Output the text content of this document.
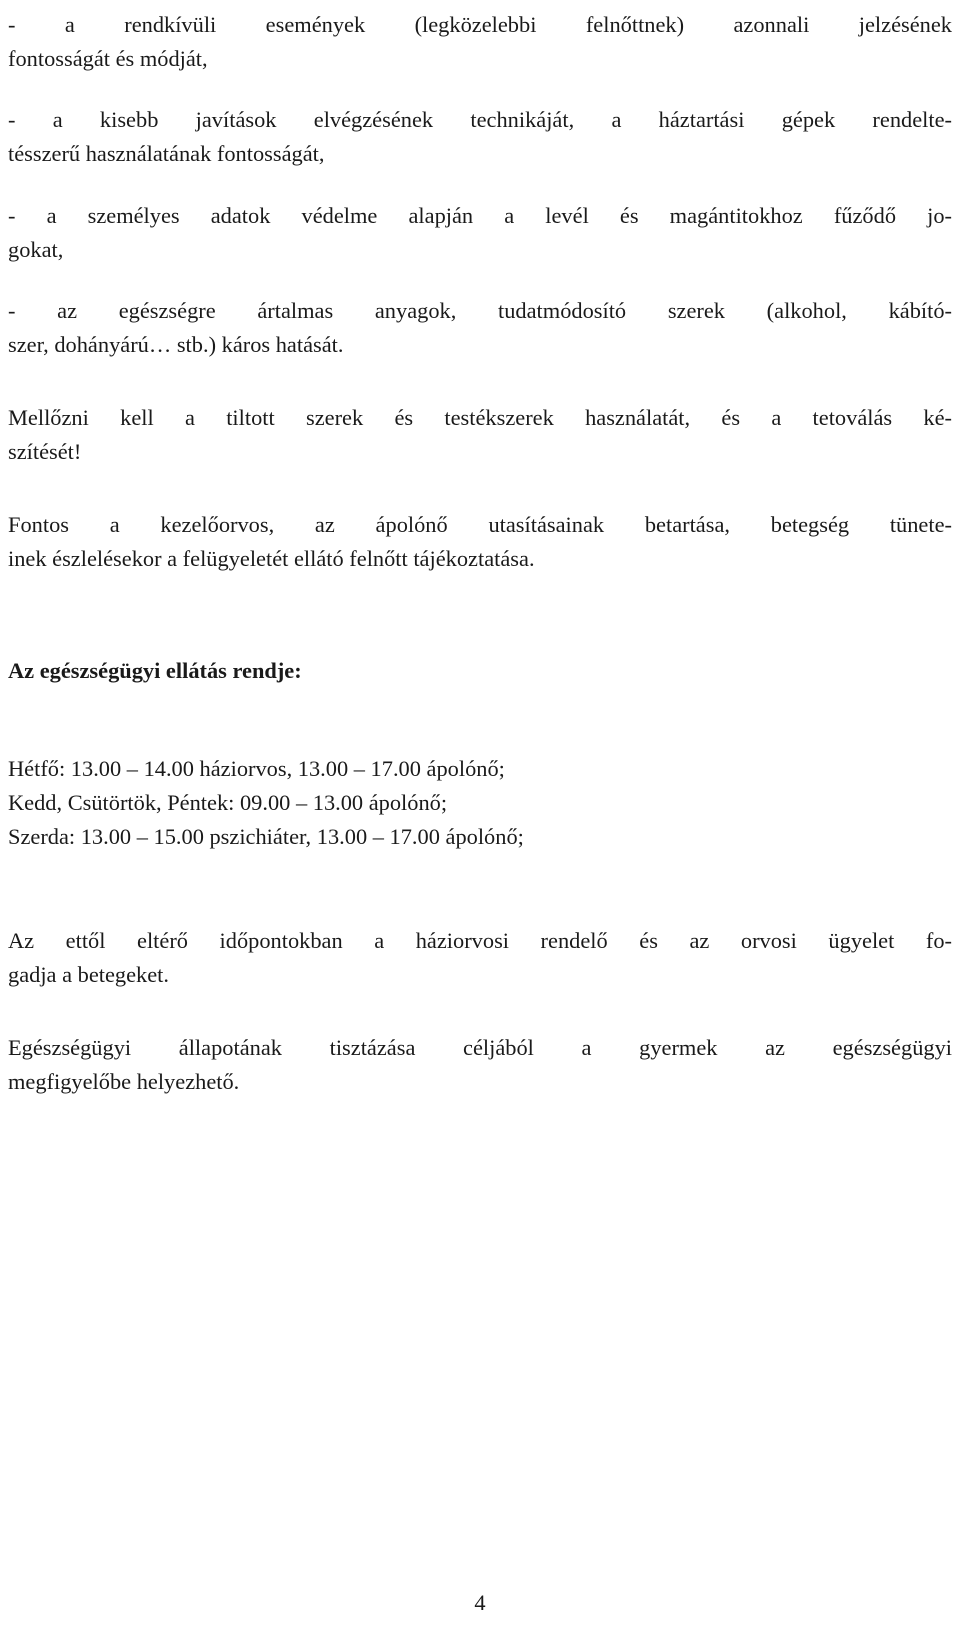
- a rendkívüli események (legközelebbi felnőttnek) azonnali jelzésének
fontosságát és módját,
- a kisebb javítások elvégzésének technikáját, a háztartási gépek rendelte-
tésszerű használatának fontosságát,
- a személyes adatok védelme alapján a levél és magántitokhoz fűződő jo-
gokat,
- az egészségre ártalmas anyagok, tudatmódosító szerek (alkohol, kábító-
szer, dohányárú… stb.) káros hatását.
Mellőzni kell a tiltott szerek és testékszerek használatát, és a tetoválás ké-
szítését!
Fontos a kezelőorvos, az ápolónő utasításainak betartása, betegség tünete-
inek észlelésekor a felügyeletét ellátó felnőtt tájékoztatása.
Az egészségügyi ellátás rendje:
Hétfő: 13.00 – 14.00 háziorvos, 13.00 – 17.00 ápolónő;
Kedd, Csütörtök, Péntek: 09.00 – 13.00 ápolónő;
Szerda: 13.00 – 15.00 pszichiáter, 13.00 – 17.00 ápolónő;
Az ettől eltérő időpontokban a háziorvosi rendelő és az orvosi ügyelet fo-
gadja a betegeket.
Egészségügyi állapotának tisztázása céljából a gyermek az egészségügyi
megfigyelőbe helyezhető.
4
